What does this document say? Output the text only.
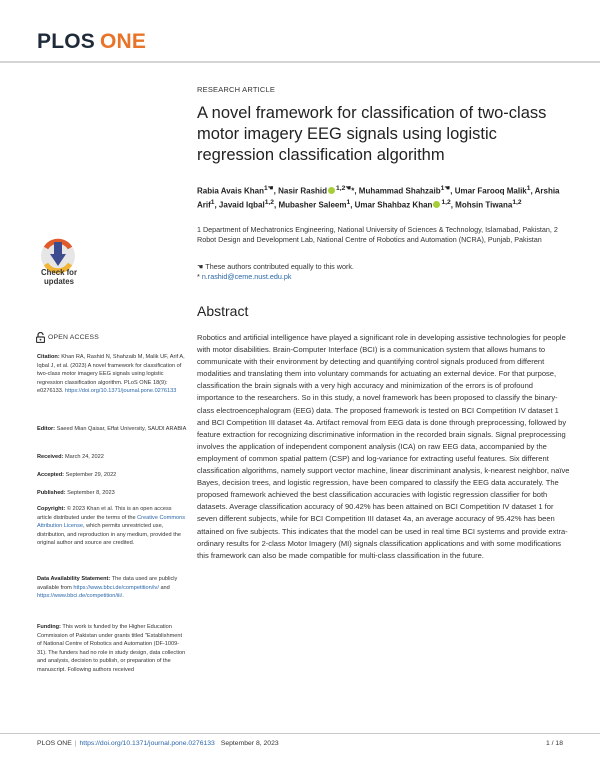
PLOS ONE
RESEARCH ARTICLE
A novel framework for classification of two-class motor imagery EEG signals using logistic regression classification algorithm
Rabia Avais Khan$^{1☚}$, Nasir Rashid $^{1,2☚}$*, Muhammad Shahzaib$^{1☚}$, Umar Farooq Malik$^1$, Arshia Arif$^1$, Javaid Iqbal$^{1,2}$, Mubasher Saleem$^1$, Umar Shahbaz Khan $^{1,2}$, Mohsin Tiwana$^{1,2}$
1 Department of Mechatronics Engineering, National University of Sciences & Technology, Islamabad, Pakistan, 2 Robot Design and Development Lab, National Centre of Robotics and Automation (NCRA), Punjab, Pakistan
☚ These authors contributed equally to this work.
* n.rashid@ceme.nust.edu.pk
Abstract

Robotics and artificial intelligence have played a significant role in developing assistive technologies for people with motor disabilities. Brain-Computer Interface (BCI) is a communication system that allows humans to communicate with their environment by detecting and quantifying control signals produced from different modalities and translating them into voluntary commands for actuating an external device. For that purpose, classification the brain signals with a very high accuracy and minimization of the errors is of profound importance to the researchers. So in this study, a novel framework has been proposed to classify the binary-class electroencephalogram (EEG) data. The proposed framework is tested on BCI Competition IV dataset 1 and BCI Competition III dataset 4a. Artifact removal from EEG data is done through preprocessing, followed by feature extraction for recognizing discriminative information in the recorded brain signals. Signal preprocessing involves the application of independent component analysis (ICA) on raw EEG data, accompanied by the employment of common spatial pattern (CSP) and log-variance for extracting useful features. Six different classification algorithms, namely support vector machine, linear discriminant analysis, k-nearest neighbor, naïve Bayes, decision trees, and logistic regression, have been compared to classify the EEG data accurately. The proposed framework achieved the best classification accuracies with logistic regression classifier for both datasets. Average classification accuracy of 90.42% has been attained on BCI Competition IV dataset 1 for seven different subjects, while for BCI Competition III dataset 4a, an average accuracy of 95.42% has been attained on five subjects. This indicates that the model can be used in real time BCI systems and provide extra-ordinary results for 2-class Motor Imagery (MI) signals classification applications and with some modifications this framework can also be made compatible for multi-class classification in the future.

Check for
updates
OPEN ACCESS
Citation: Khan RA, Rashid N, Shahzaib M, Malik UF, Arif A, Iqbal J, et al. (2023) A novel framework for classification of two-class motor imagery EEG signals using logistic regression classification algorithm. PLoS ONE 18(9): e0276133. https://doi.org/10.1371/journal.pone.0276133
Editor: Saeed Mian Qaisar, Effat University, SAUDI ARABIA
Received: March 24, 2022
Accepted: September 29, 2022
Published: September 8, 2023
Copyright: © 2023 Khan et al. This is an open access article distributed under the terms of the Creative Commons Attribution License, which permits unrestricted use, distribution, and reproduction in any medium, provided the original author and source are credited.
Data Availability Statement: The data used are publicly available from https://www.bbci.de/competition/iv/ and https://www.bbci.de/competition/iii/.
Funding: This work is funded by the Higher Education Commission of Pakistan under grants titled "Establishment of National Centre of Robotics and Automation (DF-1009-31). The funders had no role in study design, data collection and analysis, decision to publish, or preparation of the manuscript. Following authors received
PLOS ONE | https://doi.org/10.1371/journal.pone.0276133 September 8, 2023	1 / 18
